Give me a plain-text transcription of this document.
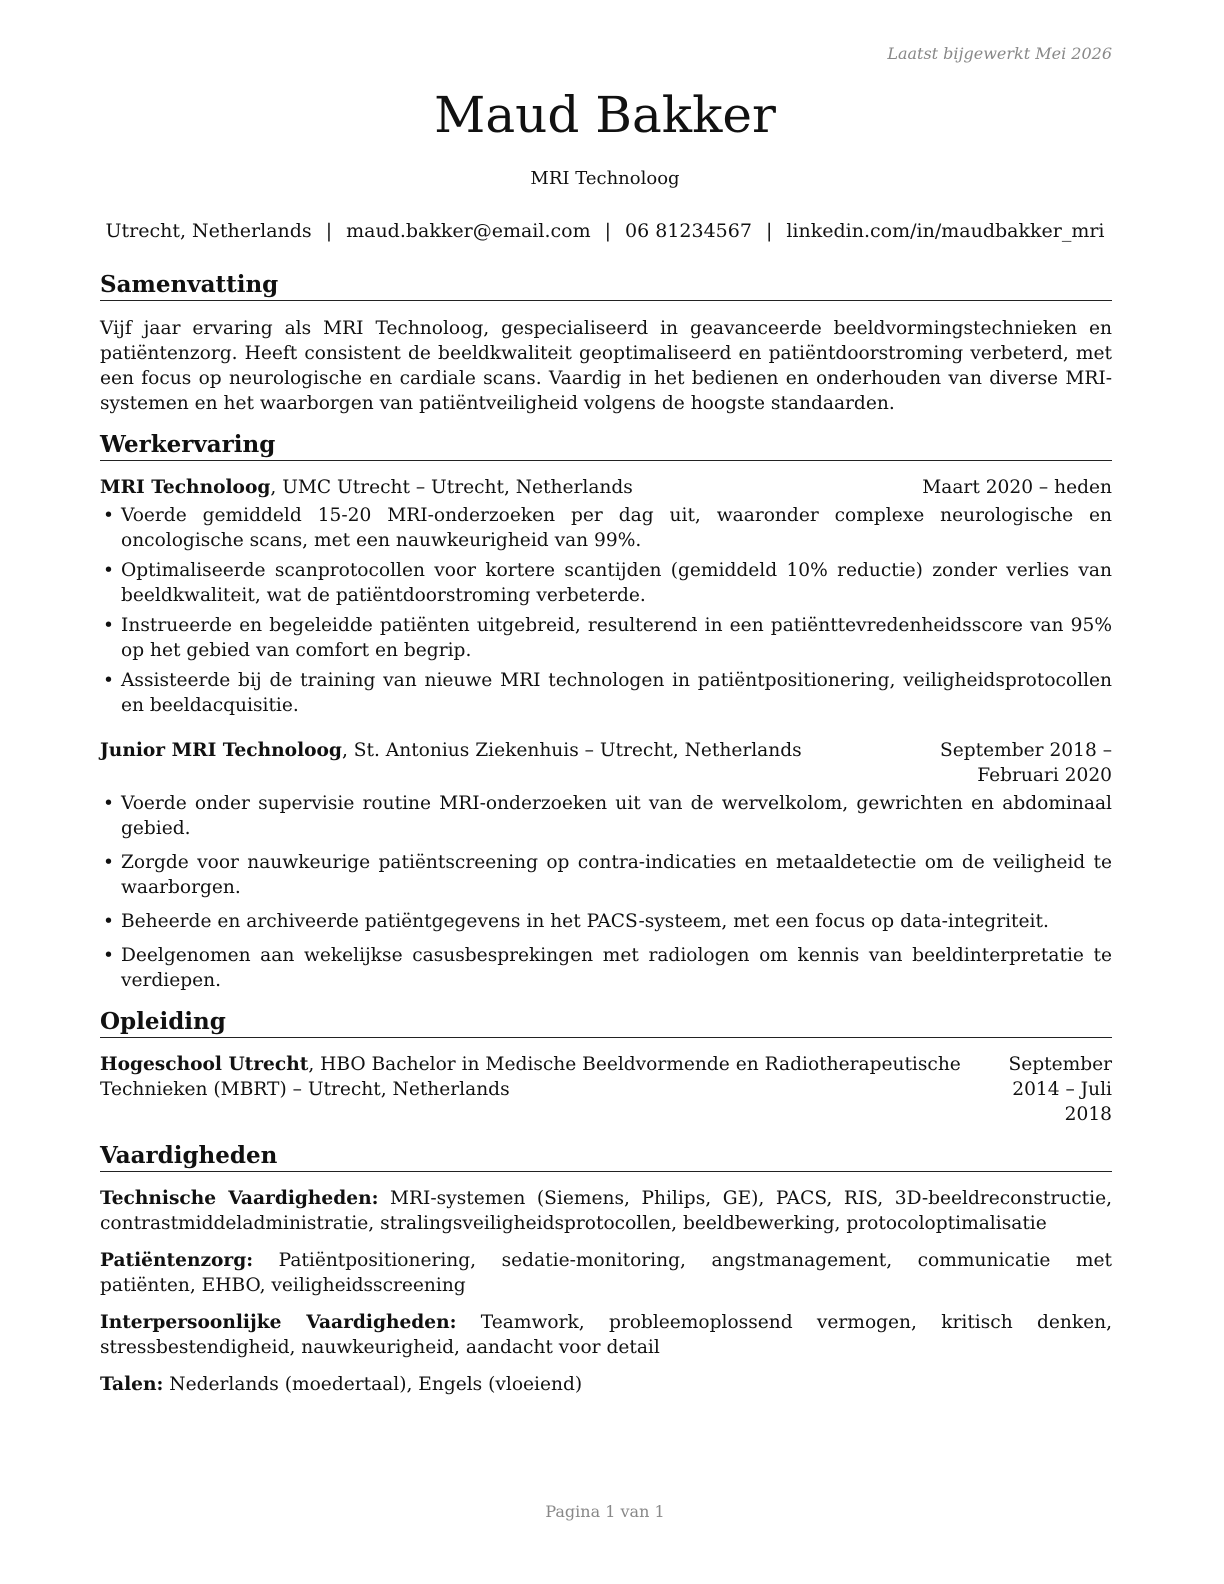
Laatst bijgewerkt Mei 2026
Maud Bakker
MRI Technoloog
Utrecht, Netherlands | maud.bakker@email.com | 06 81234567 | linkedin.com/in/maudbakker_mri
Samenvatting
Vijf jaar ervaring als MRI Technoloog, gespecialiseerd in geavanceerde beeldvormingstechnieken en patiëntenzorg. Heeft consistent de beeldkwaliteit geoptimaliseerd en patiëntdoorstroming verbeterd, met een focus op neurologische en cardiale scans. Vaardig in het bedienen en onderhouden van diverse MRI-systemen en het waarborgen van patiëntveiligheid volgens de hoogste standaarden.
Werkervaring
MRI Technoloog, UMC Utrecht – Utrecht, Netherlands	Maart 2020 – heden
• Voerde gemiddeld 15-20 MRI-onderzoeken per dag uit, waaronder complexe neurologische en oncologische scans, met een nauwkeurigheid van 99%.
• Optimaliseerde scanprotocollen voor kortere scantijden (gemiddeld 10% reductie) zonder verlies van beeldkwaliteit, wat de patiëntdoorstroming verbeterde.
• Instrueerde en begeleidde patiënten uitgebreid, resulterend in een patiënttevredenheidsscore van 95% op het gebied van comfort en begrip.
• Assisteerde bij de training van nieuwe MRI technologen in patiëntpositionering, veiligheidsprotocollen en beeldacquisitie.
Junior MRI Technoloog, St. Antonius Ziekenhuis – Utrecht, Netherlands	September 2018 – Februari 2020
• Voerde onder supervisie routine MRI-onderzoeken uit van de wervelkolom, gewrichten en abdominaal gebied.
• Zorgde voor nauwkeurige patiëntscreening op contra-indicaties en metaaldetectie om de veiligheid te waarborgen.
• Beheerde en archiveerde patiëntgegevens in het PACS-systeem, met een focus op data-integriteit.
• Deelgenomen aan wekelijkse casusbesprekingen met radiologen om kennis van beeldinterpretatie te verdiepen.
Opleiding
Hogeschool Utrecht, HBO Bachelor in Medische Beeldvormende en Radiotherapeutische Technieken (MBRT) – Utrecht, Netherlands
September 2014 – Juli 2018
Vaardigheden
Technische Vaardigheden: MRI-systemen (Siemens, Philips, GE), PACS, RIS, 3D-beeldreconstructie, contrastmiddeladministratie, stralingsveiligheidsprotocollen, beeldbewerking, protocoloptimalisatie
Patiëntenzorg: Patiëntpositionering, sedatie-monitoring, angstmanagement, communicatie met patiënten, EHBO, veiligheidsscreening
Interpersoonlijke Vaardigheden: Teamwork, probleemoplossend vermogen, kritisch denken, stressbestendigheid, nauwkeurigheid, aandacht voor detail
Talen: Nederlands (moedertaal), Engels (vloeiend)
Pagina 1 van 1
